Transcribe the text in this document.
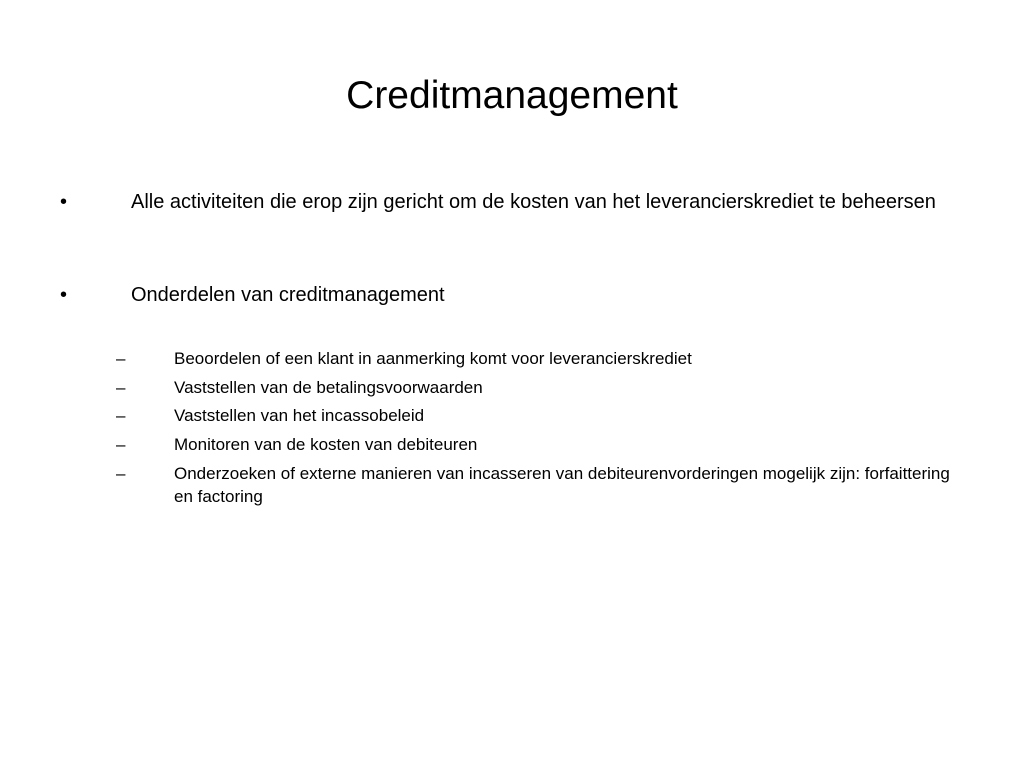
Creditmanagement
•	Alle activiteiten die erop zijn gericht om de kosten van het leverancierskrediet te beheersen
•	Onderdelen van creditmanagement
–	Beoordelen of een klant in aanmerking komt voor leverancierskrediet
–	Vaststellen van de betalingsvoorwaarden
–	Vaststellen van het incassobeleid
–	Monitoren van de kosten van debiteuren
–	Onderzoeken of externe manieren van incasseren van debiteurenvorderingen mogelijk zijn: forfaittering en factoring
